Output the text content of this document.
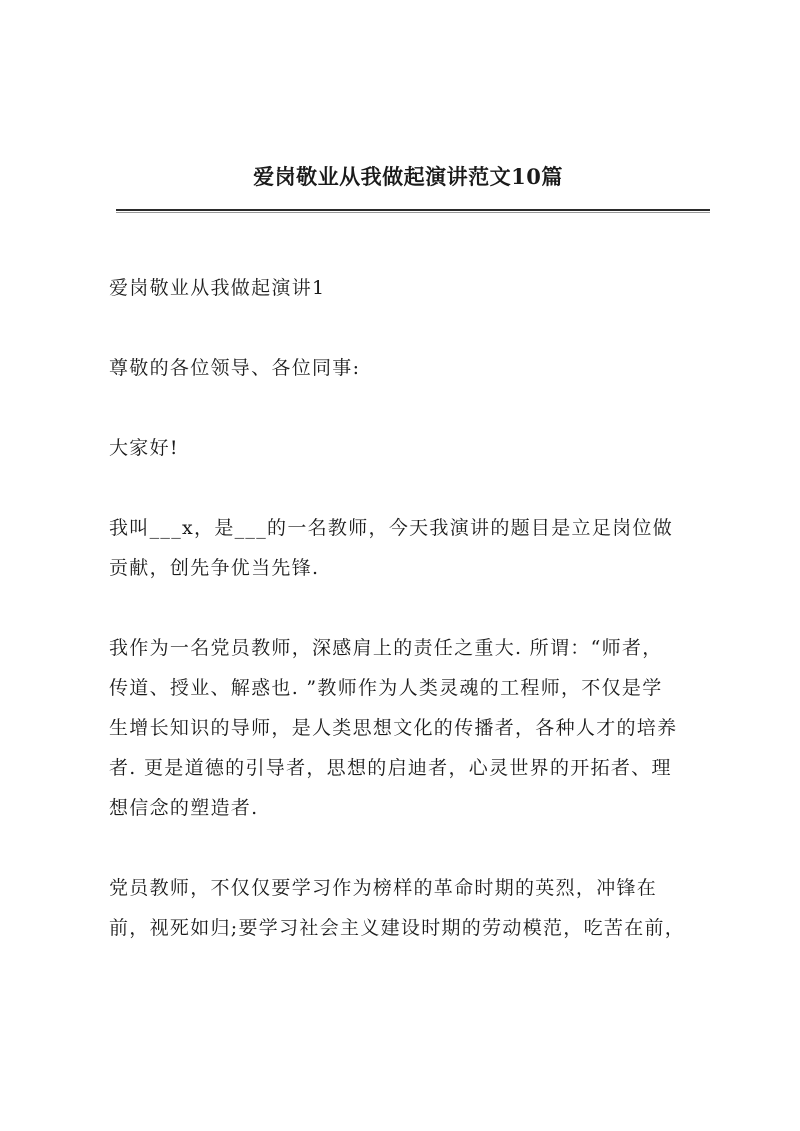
爱岗敬业从我做起演讲范文10篇

爱岗敬业从我做起演讲1

尊敬的各位领导、各位同事:

大家好!

我叫___x，是___的一名教师，今天我演讲的题目是立足岗位做
贡献，创先争优当先锋.

我作为一名党员教师，深感肩上的责任之重大. 所谓：“师者，
传道、授业、解惑也. ”教师作为人类灵魂的工程师，不仅是学
生增长知识的导师，是人类思想文化的传播者，各种人才的培养
者. 更是道德的引导者，思想的启迪者，心灵世界的开拓者、理
想信念的塑造者.

党员教师，不仅仅要学习作为榜样的革命时期的英烈，冲锋在
前，视死如归;要学习社会主义建设时期的劳动模范，吃苦在前，
